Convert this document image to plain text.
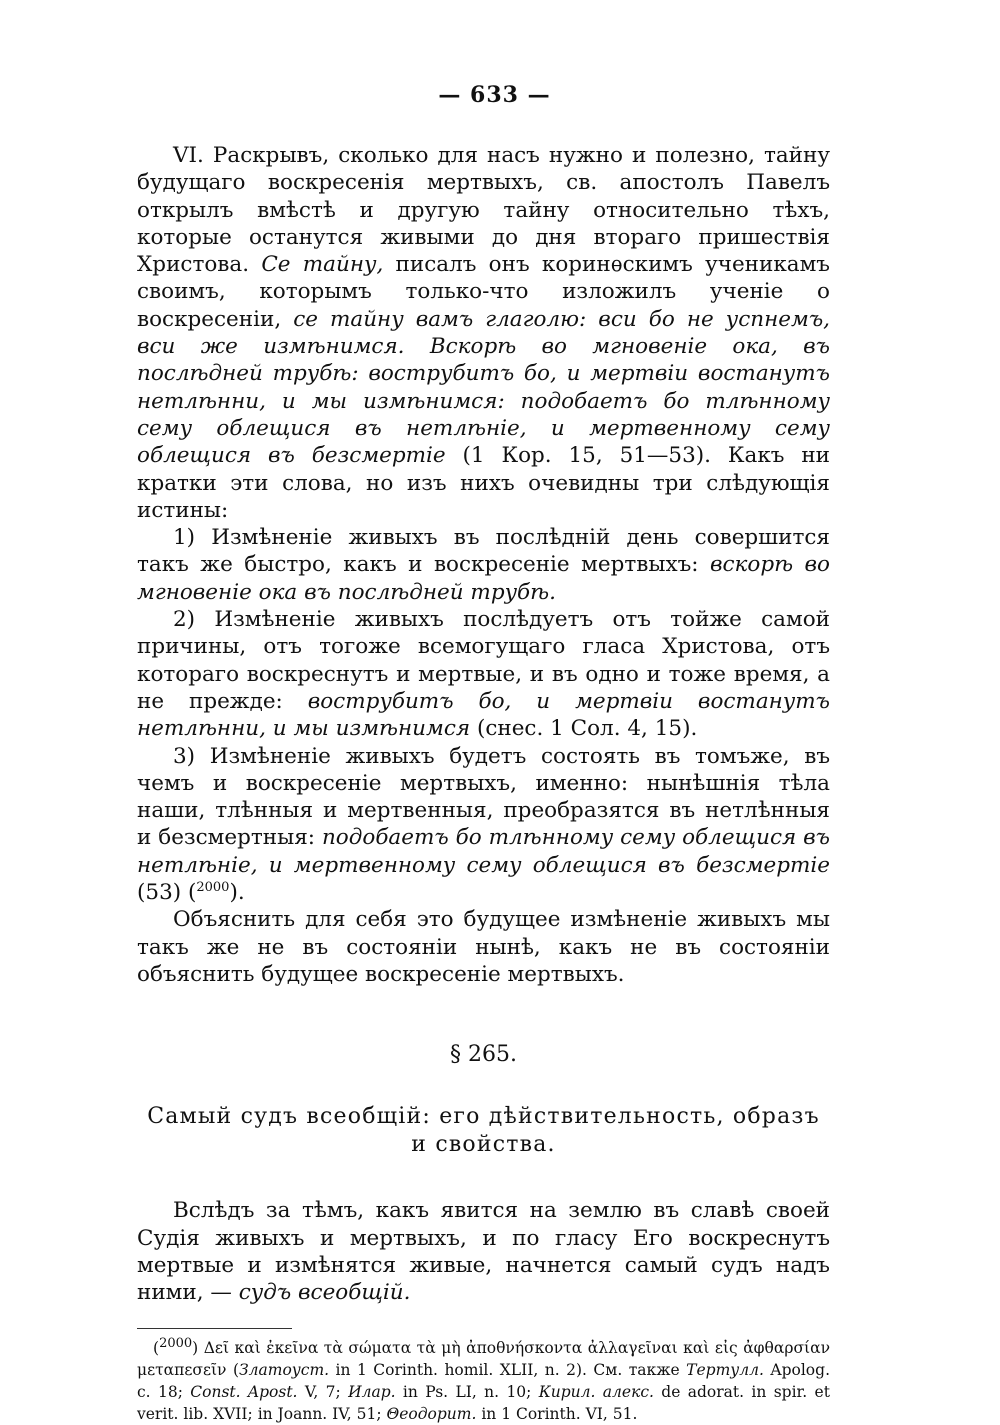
— 633 —

VI. Раскрывъ, сколько для насъ нужно и полезно, тайну будущаго воскресенія мертвыхъ, св. апостолъ Павелъ открылъ вмѣстѣ и другую тайну относительно тѣхъ, которые останутся живыми до дня втораго пришествія Христова. Се тайну, писалъ онъ коринѳскимъ ученикамъ своимъ, которымъ только-что изложилъ ученіе о воскресеніи, се тайну вамъ глаголю: вси бо не успнемъ, вси же измѣнимся. Вскорѣ во мгновеніе ока, въ послѣдней трубѣ: вострубитъ бо, и мертвіи востанутъ нетлѣнни, и мы измѣнимся: подобаетъ бо тлѣнному сему облещися въ нетлѣніе, и мертвенному сему облещися въ безсмертіе (1 Кор. 15, 51—53). Какъ ни кратки эти слова, но изъ нихъ очевидны три слѣдующія истины:

1) Измѣненіе живыхъ въ послѣдній день совершится такъ же быстро, какъ и воскресеніе мертвыхъ: вскорѣ во мгновеніе ока въ послѣдней трубѣ.

2) Измѣненіе живыхъ послѣдуетъ отъ тойже самой причины, отъ тогоже всемогущаго гласа Христова, отъ котораго воскреснутъ и мертвые, и въ одно и тоже время, а не прежде: вострубитъ бо, и мертвіи востанутъ нетлѣнни, и мы измѣнимся (снес. 1 Сол. 4, 15).

3) Измѣненіе живыхъ будетъ состоять въ томъже, въ чемъ и воскресеніе мертвыхъ, именно: нынѣшнія тѣла наши, тлѣнныя и мертвенныя, преобразятся въ нетлѣнныя и безсмертныя: подобаетъ бо тлѣнному сему облещися въ нетлѣніе, и мертвенному сему облещися въ безсмертіе (53) ($^{2000}$).

Объяснить для себя это будущее измѣненіе живыхъ мы такъ же не въ состояніи нынѣ, какъ не въ состояніи объяснить будущее воскресеніе мертвыхъ.

§ 265.
Самый судъ всеобщій: его дѣйствительность, образъ и свойства.

Вслѣдъ за тѣмъ, какъ явится на землю въ славѣ своей Судія живыхъ и мертвыхъ, и по гласу Его воскреснутъ мертвые и измѣнятся живые, начнется самый судъ надъ ними, — судъ всеобщій.

($^{2000}$) Δεῖ καὶ ἐκεῖνα τὰ σώματα τὰ μὴ ἀποθνήσκοντα ἀλλαγεῖναι καὶ εἰς ἀφθαρσίαν μεταπεσεῖν (Златоуст. in 1 Corinth. homil. XLII, n. 2). См. также Тертулл. Apolog. c. 18; Const. Apost. V, 7; Илар. in Ps. LI, n. 10; Кирил. алекс. de adorat. in spir. et verit. lib. XVII; in Joann. IV, 51; Θеодорит. in 1 Corinth. VI, 51.
